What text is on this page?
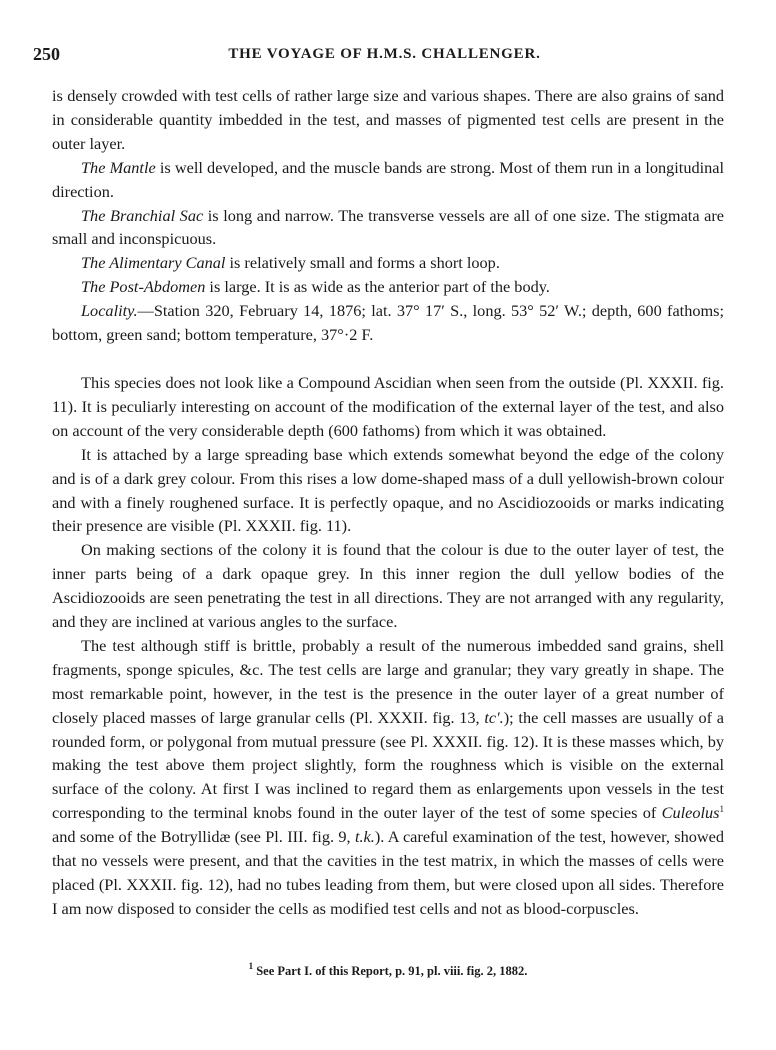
250	THE VOYAGE OF H.M.S. CHALLENGER.

is densely crowded with test cells of rather large size and various shapes. There are also grains of sand in considerable quantity imbedded in the test, and masses of pigmented test cells are present in the outer layer.

The Mantle is well developed, and the muscle bands are strong. Most of them run in a longitudinal direction.

The Branchial Sac is long and narrow. The transverse vessels are all of one size. The stigmata are small and inconspicuous.

The Alimentary Canal is relatively small and forms a short loop.

The Post-Abdomen is large. It is as wide as the anterior part of the body.

Locality.—Station 320, February 14, 1876; lat. 37° 17′ S., long. 53° 52′ W.; depth, 600 fathoms; bottom, green sand; bottom temperature, 37°·2 F.

This species does not look like a Compound Ascidian when seen from the outside (Pl. XXXII. fig. 11). It is peculiarly interesting on account of the modification of the external layer of the test, and also on account of the very considerable depth (600 fathoms) from which it was obtained.

It is attached by a large spreading base which extends somewhat beyond the edge of the colony and is of a dark grey colour. From this rises a low dome-shaped mass of a dull yellowish-brown colour and with a finely roughened surface. It is perfectly opaque, and no Ascidiozooids or marks indicating their presence are visible (Pl. XXXII. fig. 11).

On making sections of the colony it is found that the colour is due to the outer layer of test, the inner parts being of a dark opaque grey. In this inner region the dull yellow bodies of the Ascidiozooids are seen penetrating the test in all directions. They are not arranged with any regularity, and they are inclined at various angles to the surface.

The test although stiff is brittle, probably a result of the numerous imbedded sand grains, shell fragments, sponge spicules, &c. The test cells are large and granular; they vary greatly in shape. The most remarkable point, however, in the test is the presence in the outer layer of a great number of closely placed masses of large granular cells (Pl. XXXII. fig. 13, tc′.); the cell masses are usually of a rounded form, or polygonal from mutual pressure (see Pl. XXXII. fig. 12). It is these masses which, by making the test above them project slightly, form the roughness which is visible on the external surface of the colony. At first I was inclined to regard them as enlargements upon vessels in the test corresponding to the terminal knobs found in the outer layer of the test of some species of Culeolus$^1$ and some of the Botryllidæ (see Pl. III. fig. 9, t.k.). A careful examination of the test, however, showed that no vessels were present, and that the cavities in the test matrix, in which the masses of cells were placed (Pl. XXXII. fig. 12), had no tubes leading from them, but were closed upon all sides. Therefore I am now disposed to consider the cells as modified test cells and not as blood-corpuscles.

$^1$ See Part I. of this Report, p. 91, pl. viii. fig. 2, 1882.
